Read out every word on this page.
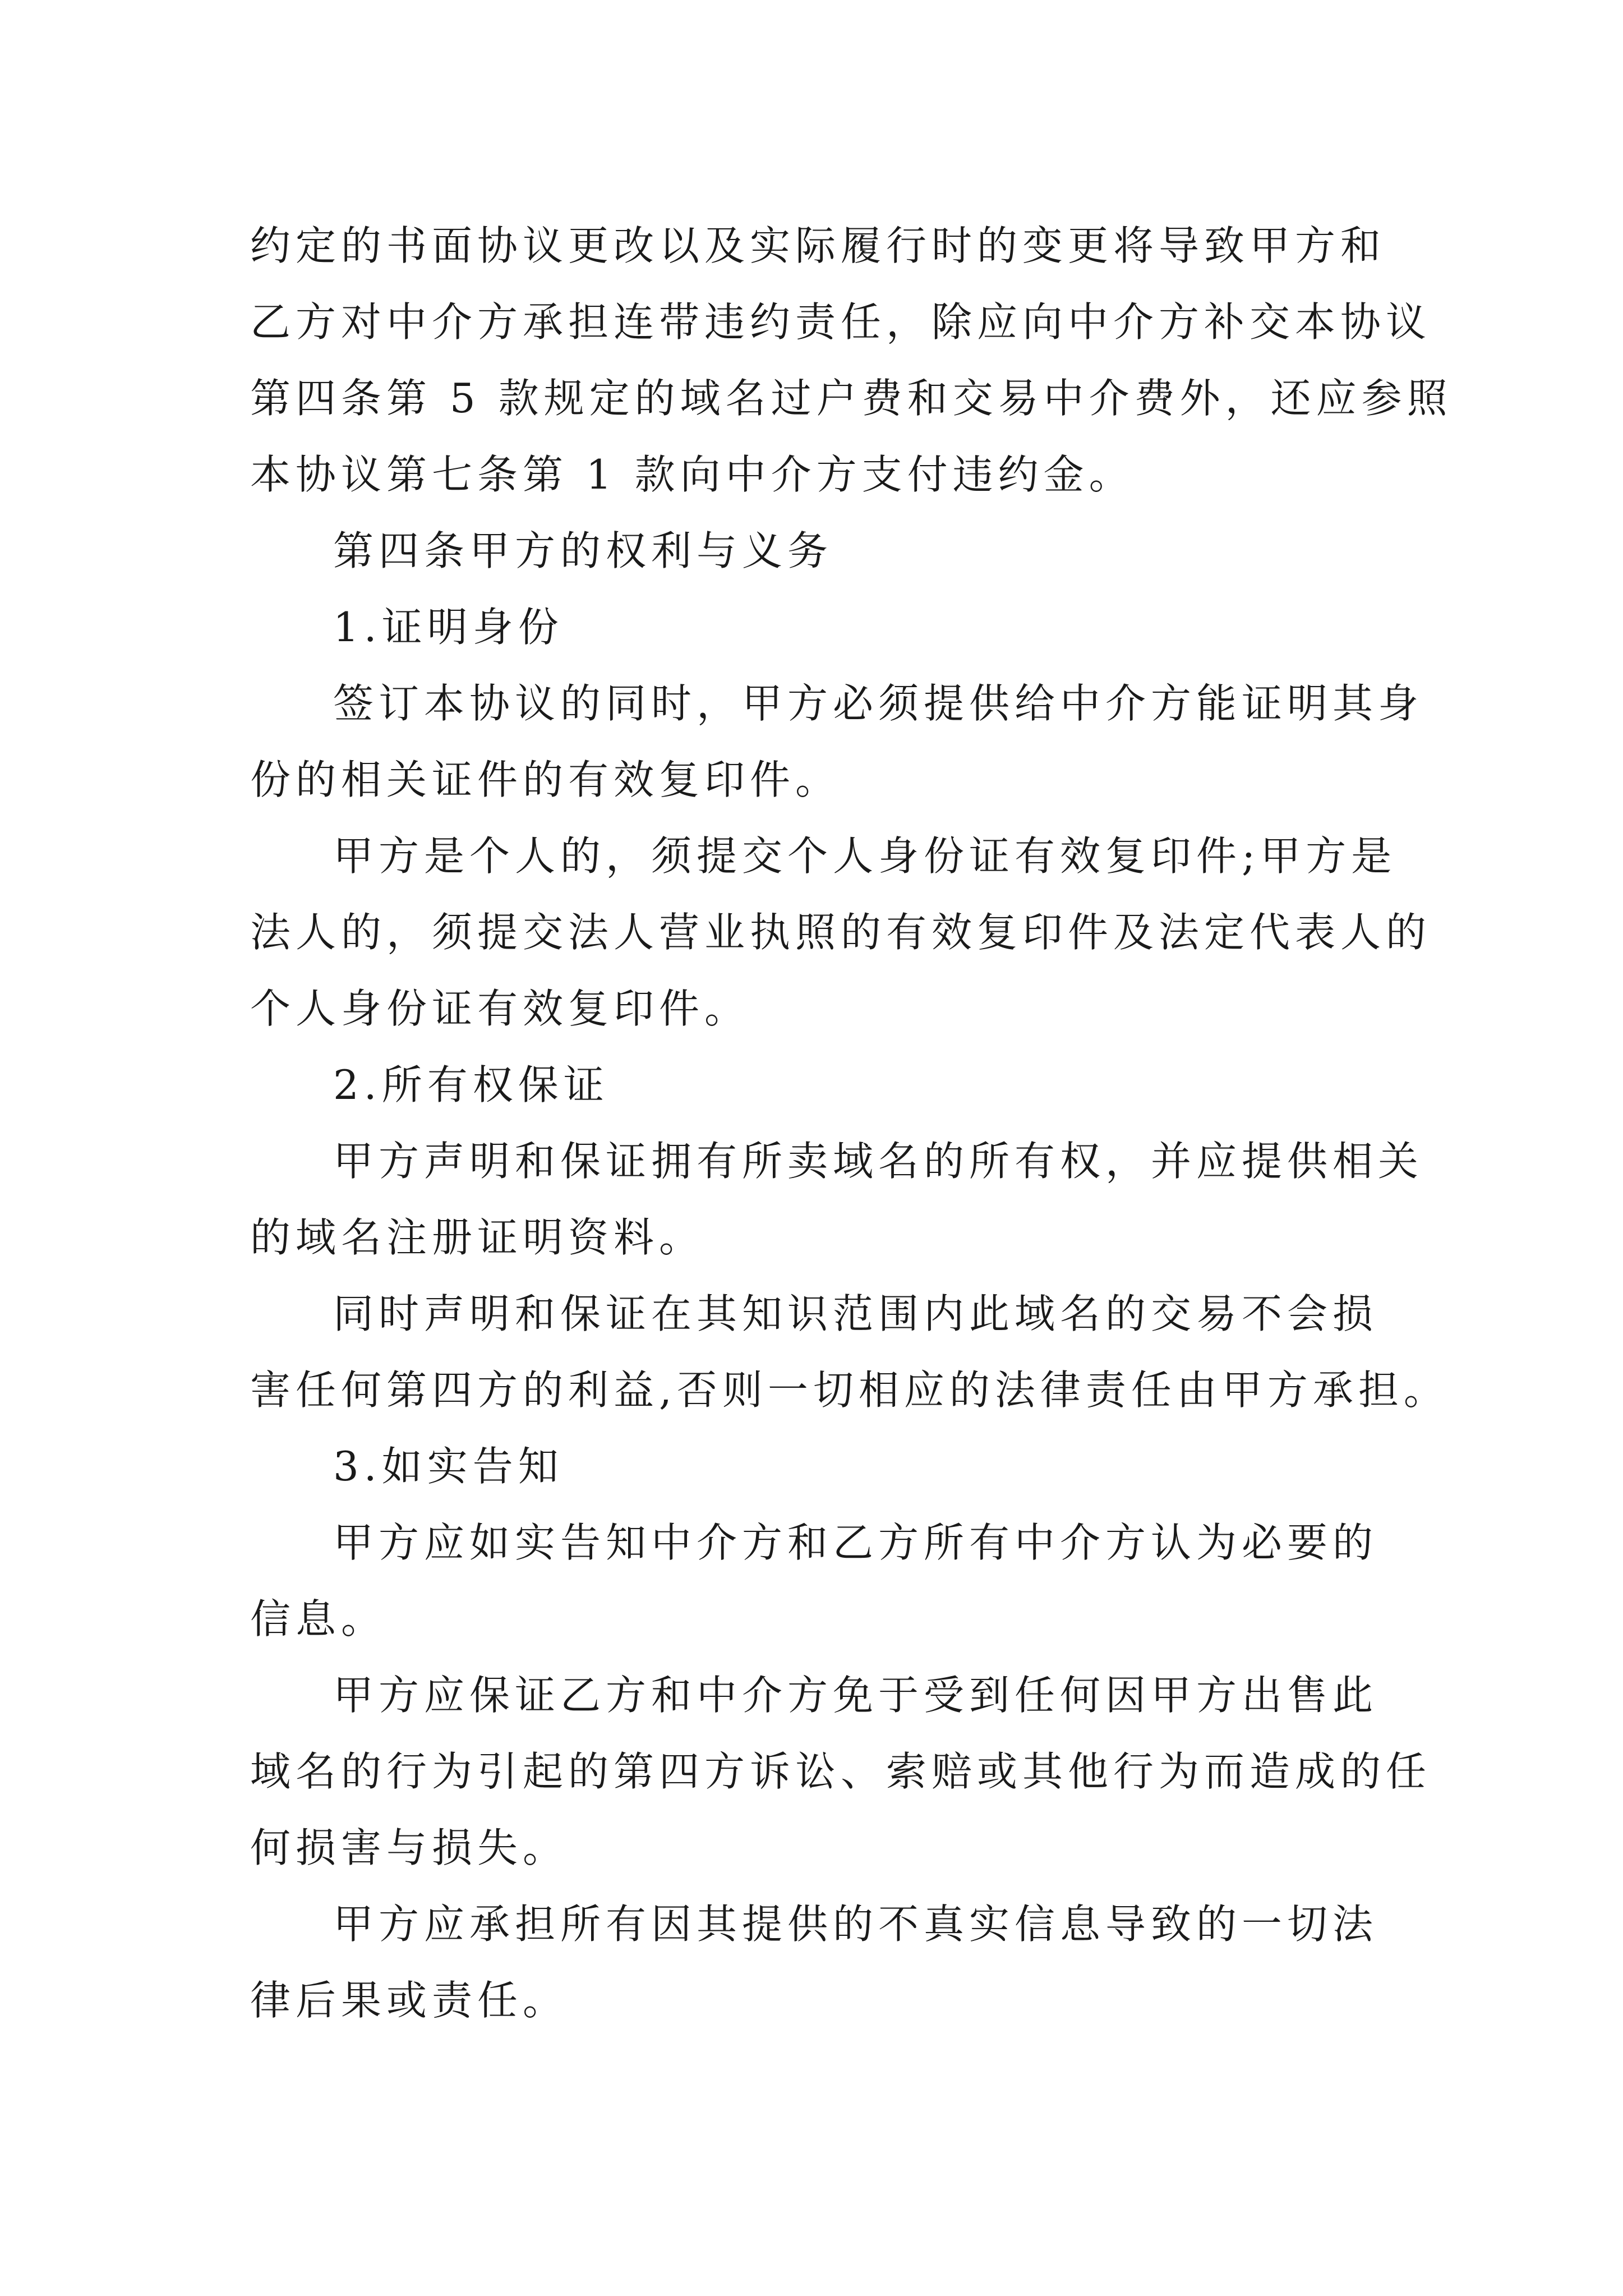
约定的书面协议更改以及实际履行时的变更将导致甲方和
乙方对中介方承担连带违约责任，除应向中介方补交本协议
第四条第 5 款规定的域名过户费和交易中介费外，还应参照
本协议第七条第 1 款向中介方支付违约金。
第四条甲方的权利与义务
1.证明身份
签订本协议的同时，甲方必须提供给中介方能证明其身
份的相关证件的有效复印件。
甲方是个人的，须提交个人身份证有效复印件;甲方是
法人的，须提交法人营业执照的有效复印件及法定代表人的
个人身份证有效复印件。
2.所有权保证
甲方声明和保证拥有所卖域名的所有权，并应提供相关
的域名注册证明资料。
同时声明和保证在其知识范围内此域名的交易不会损
害任何第四方的利益,否则一切相应的法律责任由甲方承担。
3.如实告知
甲方应如实告知中介方和乙方所有中介方认为必要的
信息。
甲方应保证乙方和中介方免于受到任何因甲方出售此
域名的行为引起的第四方诉讼、索赔或其他行为而造成的任
何损害与损失。
甲方应承担所有因其提供的不真实信息导致的一切法
律后果或责任。
